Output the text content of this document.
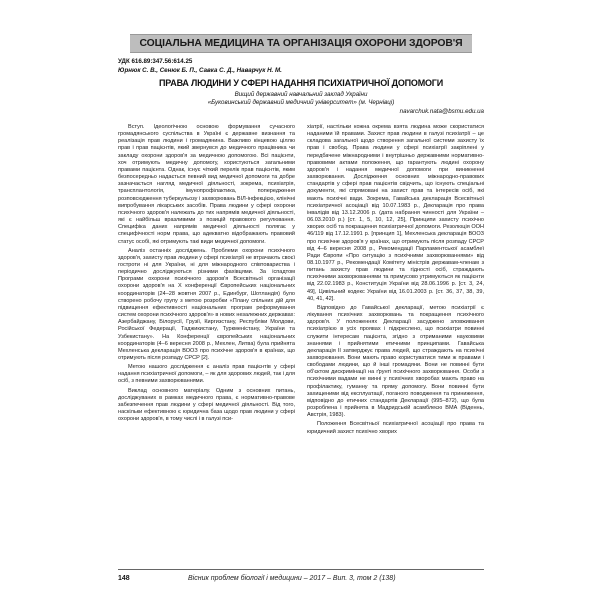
СОЦІАЛЬНА МЕДИЦИНА ТА ОРГАНІЗАЦІЯ ОХОРОНИ ЗДОРОВ'Я
УДК 616.89:347.56:614.25
Юрнюк С. В., Сенюк Б. П., Савка С. Д., Наварчук Н. М.
ПРАВА ЛЮДИНИ У СФЕРІ НАДАННЯ ПСИХІАТРИЧНОЇ ДОПОМОГИ
Вищий державний навчальний заклад України
«Буковинський державний медичний університет» (м. Чернівці)
navarchuk.nata@bsmu.edu.ua

Вступ. Ідеологічною основою формування сучасного громадянського суспільства в Україні є державне визнання та реалізація прав людини і громадянина. Важливо кінцевою ціллю прав і прав пацієнтів, який звернувся до медичного працівника чи закладу охорони здоров'я за медичною допомогою. Всі пацієнти, хоч отримують медичну допомогу, користуються загальними правами пацієнта. Однак, існує чіткий перелік прав пацієнтів, яким безпосередньо надається певний вид медичної допомоги та добре зазначається нагляд медичної діяльності, зокрема, психіатрія, трансплантологія, імунопрофілактика, попередження розповсюдження туберкульозу і захворювань ВІЛ-інфекцією, клінічні випробування лікарських засобів. Права людини у сфері охорони психічного здоров'я належать до тих напрямів медичної діяльності, які є найбільш вразливими з позицій правового регулювання. Специфіка даних напрямів медичної діяльності полягає у специфічності норм права, що адекватно відображають правовий статус особі, які отримують такі види медичної допомоги.

Аналіз останніх досліджень. Проблеми охорони психічного здоров'я, захисту прав людини у сфері психіатрії не втрачають своєї гостроти ні для України, ні для міжнародного співтовариства і періодично досліджуються різними фахівцями. За іспадтом Програми охорони психічного здоров'я Всесвітньої організації охорони здоров'я на X конференції Європейських національних координаторів (24–28 жовтня 2007 р., Единбург, Шотландія) було створено робочу групу з метою розробки «Плану спільних дій для підвищення ефективності національних програм реформування систем охорони психічного здоров'я» в нових незалежних державах: Азербайджану, Білорусії, Грузії, Киргизстану, Республіки Молдови, Російської Федерації, Таджикистану, Туркменістану, України та Узбекистану». На Конференції європейських національних координаторів (4–6 вересня 2008 р., Мехлен, Литва) була прийнята Мехленська декларація ВООЗ про психічне здоров'я в країнах, що отримують після розпаду СРСР [2].

Метою нашого дослідження є аналіз прав пацієнтів у сфері надання психіатричної допомоги, – як для здорових людей, так і для осіб, з певними захворюваннями.

Виклад основного матеріалу. Одним з основних питань, досліджуваних в рамках медичного права, є нормативно-правове забезпечення прав людини у сфері медичної діяльності. Від того, наскільки ефективною є юридична база щодо прав людини у сфері охорони здоров'я, в тому числі і в галузі пси-

хіатрії, настільки кожна окрема взята людина може скористатися наданими їй правами. Захист прав людини в галузі психіатрії – це складова загальної щодо створення загальної системи захисту їх прав і свобод. Права людини у сфері психіатрії закріплені у передбачене міжнародними і внутрішньо державними нормативно-правовими актами положення, що гарантують людині охорону здоров'я і надання медичної допомоги при виникненні захворювання. Дослідження основних міжнародно-правових стандартів у сфері прав пацієнтів свідчить, що існують спеціальні документи, які спрямовані на захист прав та інтересів осіб, які мають психічні вади. Зокрема, Гавайська декларація Всесвітньої психіатричної асоціації від 10.07.1983 р., Декларація про права інвалідів від 13.12.2006 р. (дата набрання чинності для України – 06.03.2010 р.) [ст. 1, 5, 10, 12, 25], Принципи захисту психічно хворих осіб та покращення психіатричної допомоги. Резолюція ООН 46/119 від 17.12.1991 р. [принцип 1], Мехленська декларація ВООЗ про психічне здоров'я у країнах, що отримують після розпаду СРСР від 4–6 вересня 2008 р., Рекомендації Парламентської асамблеї Ради Європи «Про ситуацію з психічними захворюваннями» від 08.10.1977 р., Рекомендації Комітету міністрів державам-членам з питань захисту прав людини та гідності осіб, страждають психічними захворюваннями та примусово утримуються як пацієнти від 22.02.1983 р., Конституція України від 28.06.1996 р. [ст. 3, 24, 49], Цивільний кодекс України від 16.01.2003 р. [ст. 36, 37, 38, 39, 40, 41, 42].

Відповідно до Гавайської декларації, метою психіатрії є лікування психічних захворювань та покращення психічного здоров'я. У положеннях Декларації засуджено зловживання психіатрією в усіх проявах і підкреслено, що психіатри повинні служити інтересам пацієнта, згідно з отриманими науковими знаннями і прийнятими етичними принципами. Гавайська декларація II затверджує права людей, що страждають на психічні захворювання. Вони мають право користуватися тими ж правами і свободами людини, що й інші громадяни. Вони не повинні бути об'єктом дискримінації на ґрунті психічного захворювання. Особи з психічними вадами не винні у психічних хворобах мають право на профілактику, гуманну та пряму допомогу. Вони повинні бути захищеними від експлуатації, поганого поводження та приниження, відповідно до етичних стандартів Декларації (995–872), що була розроблена і прийнята в Мадридській асамблеєю ВМА (Віденнь, Австрія, 1983).

Положення Всесвітньої психіатричної асоціації про права та юридичний захист психічно хворих

148	Вісник проблем біології і медицини – 2017 – Вип. 3, том 2 (138)
